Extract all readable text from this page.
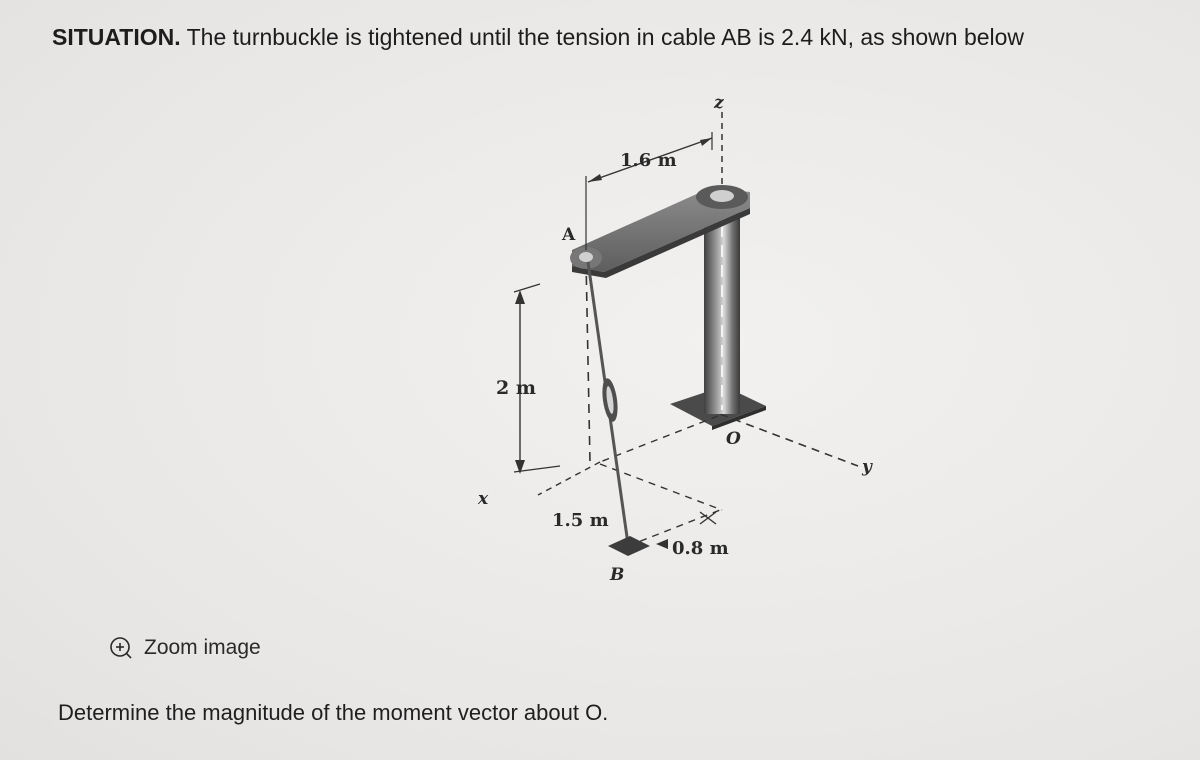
SITUATION. The turnbuckle is tightened until the tension in cable AB is 2.4 kN, as shown below
z
1.6 m
A
2 m
O
y
x
1.5 m
0.8 m
B
Zoom image
Determine the magnitude of the moment vector about O.
